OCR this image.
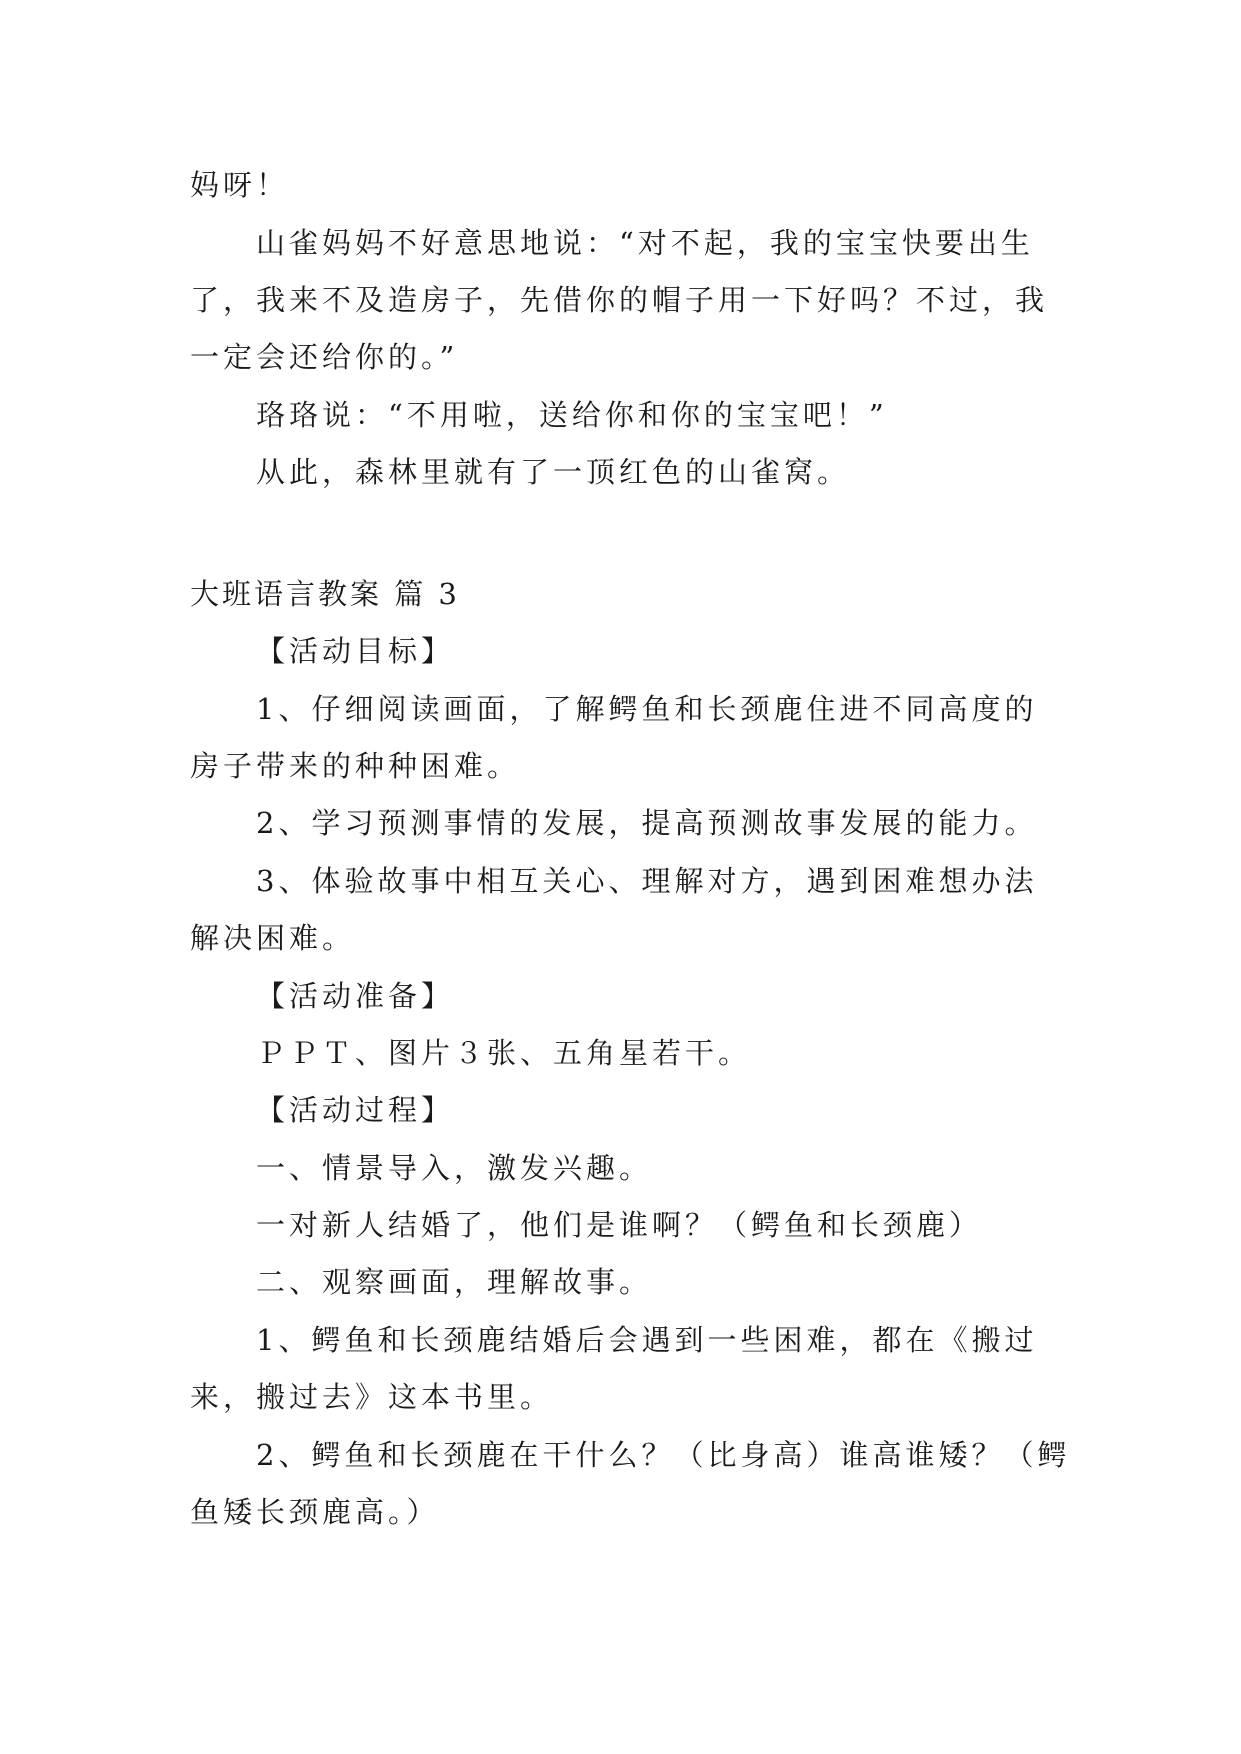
妈呀！

山雀妈妈不好意思地说：“对不起，我的宝宝快要出生

了，我来不及造房子，先借你的帽子用一下好吗？不过，我

一定会还给你的。”

珞珞说：“不用啦，送给你和你的宝宝吧！”

从此，森林里就有了一顶红色的山雀窝。

大班语言教案 篇 3

【活动目标】

1、仔细阅读画面，了解鳄鱼和长颈鹿住进不同高度的

房子带来的种种困难。

2、学习预测事情的发展，提高预测故事发展的能力。

3、体验故事中相互关心、理解对方，遇到困难想办法

解决困难。

【活动准备】

ＰＰＴ、图片３张、五角星若干。

【活动过程】

一、情景导入，激发兴趣。

一对新人结婚了，他们是谁啊？（鳄鱼和长颈鹿）

二、观察画面，理解故事。

1、鳄鱼和长颈鹿结婚后会遇到一些困难，都在《搬过

来，搬过去》这本书里。

2、鳄鱼和长颈鹿在干什么？（比身高）谁高谁矮？（鳄

鱼矮长颈鹿高。）
